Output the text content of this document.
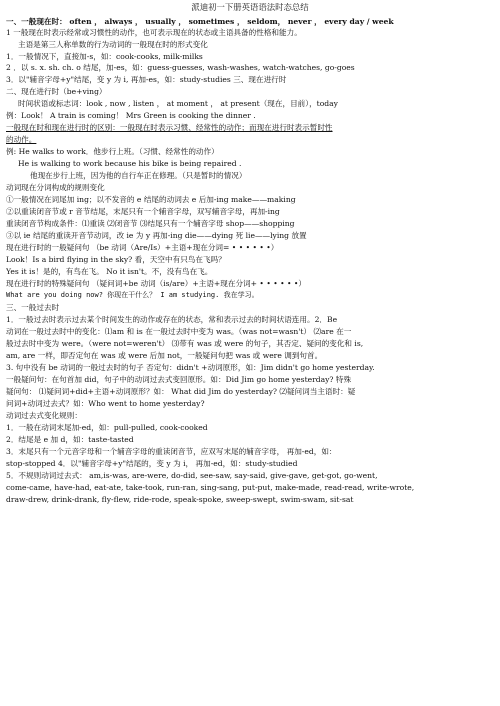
派迪初一下册英语语法时态总结
一、一般现在时： often ， always ， usually ， sometimes ， seldom， never ， every day / week
1 一般现在时表示经常或习惯性的动作，也可表示现在的状态或主语具备的性格和能力。
主语是第三人称单数的行为动词的一般现在时的形式变化
1．一般情况下，直接加-s，如：cook-cooks, milk-milks
2 ．以 s. x. sh. ch. o 结尾，加-es，如：guess-guesses, wash-washes, watch-watches, go-goes
3．以"辅音字母+y"结尾，变 y 为 i, 再加-es，如：study-studies 三、现在进行时
二、现在进行时（be+ving）
时间状语或标志词：look , now , listen ， at moment ， at present（现在，目前），today
例：Look！ A train is coming！ Mrs Green is cooking the dinner .
一般现在时和现在进行时的区别：一般现在时表示习惯、经常性的动作；而现在进行时表示暂时性
的动作。
例: He walks to work．他步行上班。（习惯、经常性的动作）
He is walking to work because his bike is being repaired .
他现在步行上班，因为他的自行车正在修理。（只是暂时的情况）
动词现在分词构成的规则变化
①一般情况在词尾加 ing；以不发音的 e 结尾的动词去 e 后加-ing make——making
②以重读闭音节或 r 音节结尾，末尾只有一个辅音字母，双写辅音字母，再加-ing
重读闭音节构成条件：⑴重读 ⑵闭音节 ⑶结尾只有一个辅音字母 shop——shopping
③以 ie 结尾的重读开音节动词，改 ie 为 y 再加-ing die——dying 死 lie——lying 放置
现在进行时的一般疑问句 （be 动词（Are/Is）+主语+现在分词= • • • • • •）
Look！Is a bird flying in the sky? 看，天空中有只鸟在飞吗？
Yes it is！是的，有鸟在飞。 No it isn't。不，没有鸟在飞。
现在进行时的特殊疑问句 （疑问词+be 动词（is/are）+主语+现在分词+ • • • • • •）
What are you doing now? 你现在干什么？ I am studying. 我在学习。
三、一般过去时
1．一般过去时表示过去某个时间发生的动作或存在的状态，常和表示过去的时间状语连用。2．Be
动词在一般过去时中的变化：⑴am 和 is 在一般过去时中变为 was。（was not=wasn't） ⑵are 在一
般过去时中变为 were。（were not=weren't） ⑶带有 was 或 were 的句子，其否定、疑问的变化和 is,
am, are 一样，即否定句在 was 或 were 后加 not，一般疑问句把 was 或 were 调到句首。
3. 句中没有 be 动词的一般过去时的句子 否定句：didn't +动词原形，如：Jim didn't go home yesterday.
一般疑问句：在句首加 did，句子中的动词过去式变回原形。如：Did Jim go home yesterday? 特殊
疑问句： ⑴疑问词+did+主语+动词原形？如： What did Jim do yesterday? ⑵疑问词当主语时：疑
问词+动词过去式？如：Who went to home yesterday?
动词过去式变化规则：
1．一般在动词末尾加-ed，如：pull-pulled, cook-cooked
2．结尾是 e 加 d，如：taste-tasted
3．末尾只有一个元音字母和一个辅音字母的重读闭音节，应双写末尾的辅音字母， 再加-ed，如：
stop-stopped 4．以"辅音字母+y"结尾的，变 y 为 i， 再加-ed，如：study-studied
5．不规则动词过去式： am,is-was, are-were, do-did, see-saw, say-said, give-gave, get-got, go-went,
come-came, have-had, eat-ate, take-took, run-ran, sing-sang, put-put, make-made, read-read, write-wrote,
draw-drew, drink-drank, fly-flew, ride-rode, speak-spoke, sweep-swept, swim-swam, sit-sat
